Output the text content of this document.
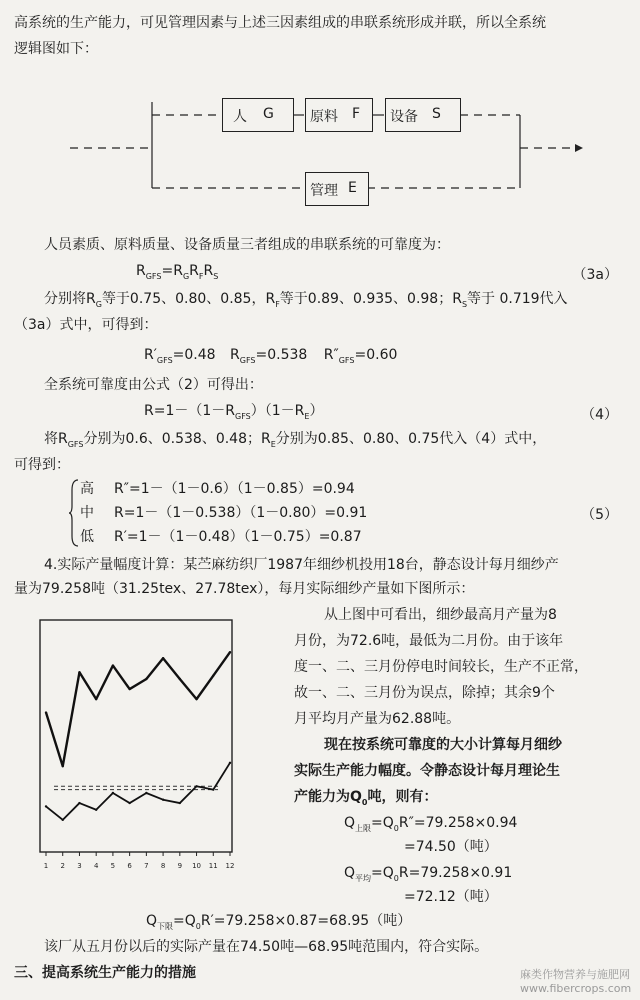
高系统的生产能力，可见管理因素与上述三因素组成的串联系统形成并联，所以全系统
逻辑图如下：
人 G	原料 F 设备 S
管理 E
人员素质、原料质量、设备质量三者组成的串联系统的可靠度为：
$R_{GFS}=R_GR_FR_S$	（3a）
分别将$R_G$等于0.75、0.80、0.85，$R_F$等于0.89、0.935、0.98；$R_S$等于 0.719代入
（3a）式中，可得到：
$R'_{GFS}=0.48$ $R_{GFS}=0.538$ $R''_{GFS}=0.60$
全系统可靠度由公式（2）可得出：
$R=1-(1-R_{GFS})(1-R_E)$	（4）
将$R_{GFS}$分别为0.6、0.538、0.48；$R_E$分别为0.85、0.80、0.75代入（4）式中，
可得到：
高 R″=1－（1－0.6）（1－0.85）=0.94
中 R=1－（1－0.538）（1－0.80）=0.91
低 R′=1－（1－0.48）（1－0.75）=0.87
（5）
4.实际产量幅度计算：某苎麻纺织厂1987年细纱机投用18台，静态设计每月细纱产
量为79.258吨（31.25tex、27.78tex），每月实际细纱产量如下图所示：
1 2 3 4 5 6 7 8 9 10 11 12
从上图中可看出，细纱最高月产量为8
月份，为72.6吨，最低为二月份。由于该年
度一、二、三月份停电时间较长，生产不正常，
故一、二、三月份为误点，除掉；其余9个
月平均月产量为62.88吨。
现在按系统可靠度的大小计算每月细纱
实际生产能力幅度。令静态设计每月理论生
产能力为$Q_0$吨，则有：
$Q_{上限}=Q_0R''=79.258\times 0.94$
=74.50（吨）
$Q_{平均}=Q_0R=79.258\times 0.91$
=72.12（吨）
$Q_{下限}=Q_0R'=79.258\times 0.87=68.95$（吨）
该厂从五月份以后的实际产量在74.50吨—68.95吨范围内，符合实际。
三、提高系统生产能力的措施	麻类作物营养与施肥网
www.fibercrops.com
